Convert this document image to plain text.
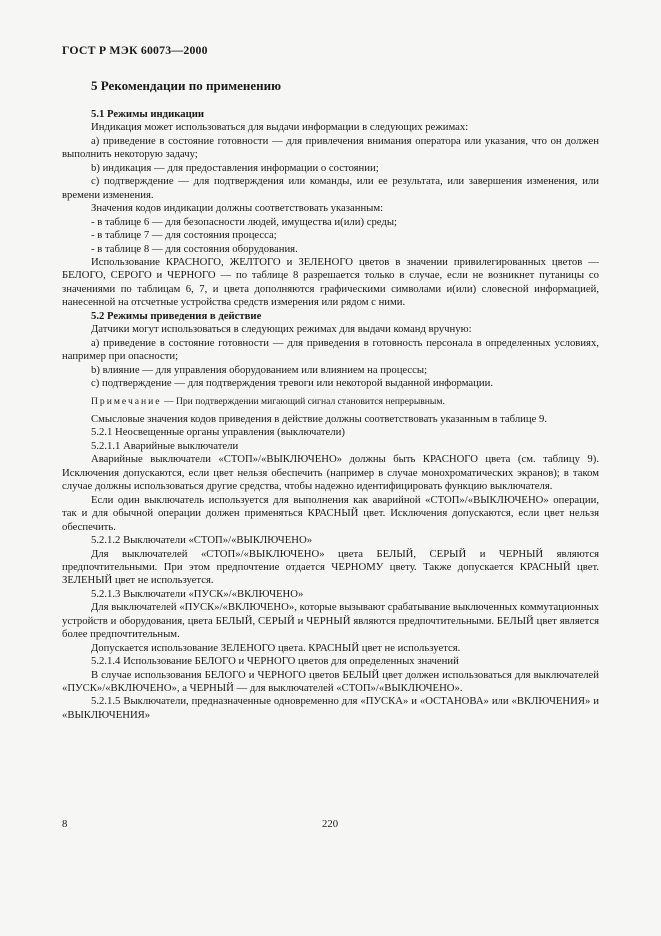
ГОСТ Р МЭК 60073—2000
5 Рекомендации по применению

5.1 Режимы индикации

Индикация может использоваться для выдачи информации в следующих режимах:

а) приведение в состояние готовности — для привлечения внимания оператора или указания, что он должен выполнить некоторую задачу;

b) индикация — для предоставления информации о состоянии;

с) подтверждение — для подтверждения или команды, или ее результата, или завершения изменения, или времени изменения.

Значения кодов индикации должны соответствовать указанным:

- в таблице 6 — для безопасности людей, имущества и(или) среды;

- в таблице 7 — для состояния процесса;

- в таблице 8 — для состояния оборудования.

Использование КРАСНОГО, ЖЕЛТОГО и ЗЕЛЕНОГО цветов в значении привилегированных цветов — БЕЛОГО, СЕРОГО и ЧЕРНОГО — по таблице 8 разрешается только в случае, если не возникнет путаницы со значениями по таблицам 6, 7, и цвета дополняются графическими символами и(или) словесной информацией, нанесенной на отсчетные устройства средств измерения или рядом с ними.

5.2 Режимы приведения в действие

Датчики могут использоваться в следующих режимах для выдачи команд вручную:

а) приведение в состояние готовности — для приведения в готовность персонала в определенных условиях, например при опасности;

b) влияние — для управления оборудованием или влиянием на процессы;

с) подтверждение — для подтверждения тревоги или некоторой выданной информации.

Примечание — При подтверждении мигающий сигнал становится непрерывным.

Смысловые значения кодов приведения в действие должны соответствовать указанным в таблице 9.

5.2.1 Неосвещенные органы управления (выключатели)

5.2.1.1 Аварийные выключатели

Аварийные выключатели «СТОП»/«ВЫКЛЮЧЕНО» должны быть КРАСНОГО цвета (см. таблицу 9). Исключения допускаются, если цвет нельзя обеспечить (например в случае монохроматических экранов); в таком случае должны использоваться другие средства, чтобы надежно идентифицировать функцию выключателя.

Если один выключатель используется для выполнения как аварийной «СТОП»/«ВЫКЛЮЧЕНО» операции, так и для обычной операции должен применяться КРАСНЫЙ цвет. Исключения допускаются, если цвет нельзя обеспечить.

5.2.1.2 Выключатели «СТОП»/«ВЫКЛЮЧЕНО»

Для выключателей «СТОП»/«ВЫКЛЮЧЕНО» цвета БЕЛЫЙ, СЕРЫЙ и ЧЕРНЫЙ являются предпочтительными. При этом предпочтение отдается ЧЕРНОМУ цвету. Также допускается КРАСНЫЙ цвет. ЗЕЛЕНЫЙ цвет не используется.

5.2.1.3 Выключатели «ПУСК»/«ВКЛЮЧЕНО»

Для выключателей «ПУСК»/«ВКЛЮЧЕНО», которые вызывают срабатывание выключенных коммутационных устройств и оборудования, цвета БЕЛЫЙ, СЕРЫЙ и ЧЕРНЫЙ являются предпочтительными. БЕЛЫЙ цвет является более предпочтительным.

Допускается использование ЗЕЛЕНОГО цвета. КРАСНЫЙ цвет не используется.

5.2.1.4 Использование БЕЛОГО и ЧЕРНОГО цветов для определенных значений

В случае использования БЕЛОГО и ЧЕРНОГО цветов БЕЛЫЙ цвет должен использоваться для выключателей «ПУСК»/«ВКЛЮЧЕНО», а ЧЕРНЫЙ — для выключателей «СТОП»/«ВЫКЛЮЧЕНО».

5.2.1.5 Выключатели, предназначенные одновременно для «ПУСКА» и «ОСТАНОВА» или «ВКЛЮЧЕНИЯ» и «ВЫКЛЮЧЕНИЯ»

8	220
